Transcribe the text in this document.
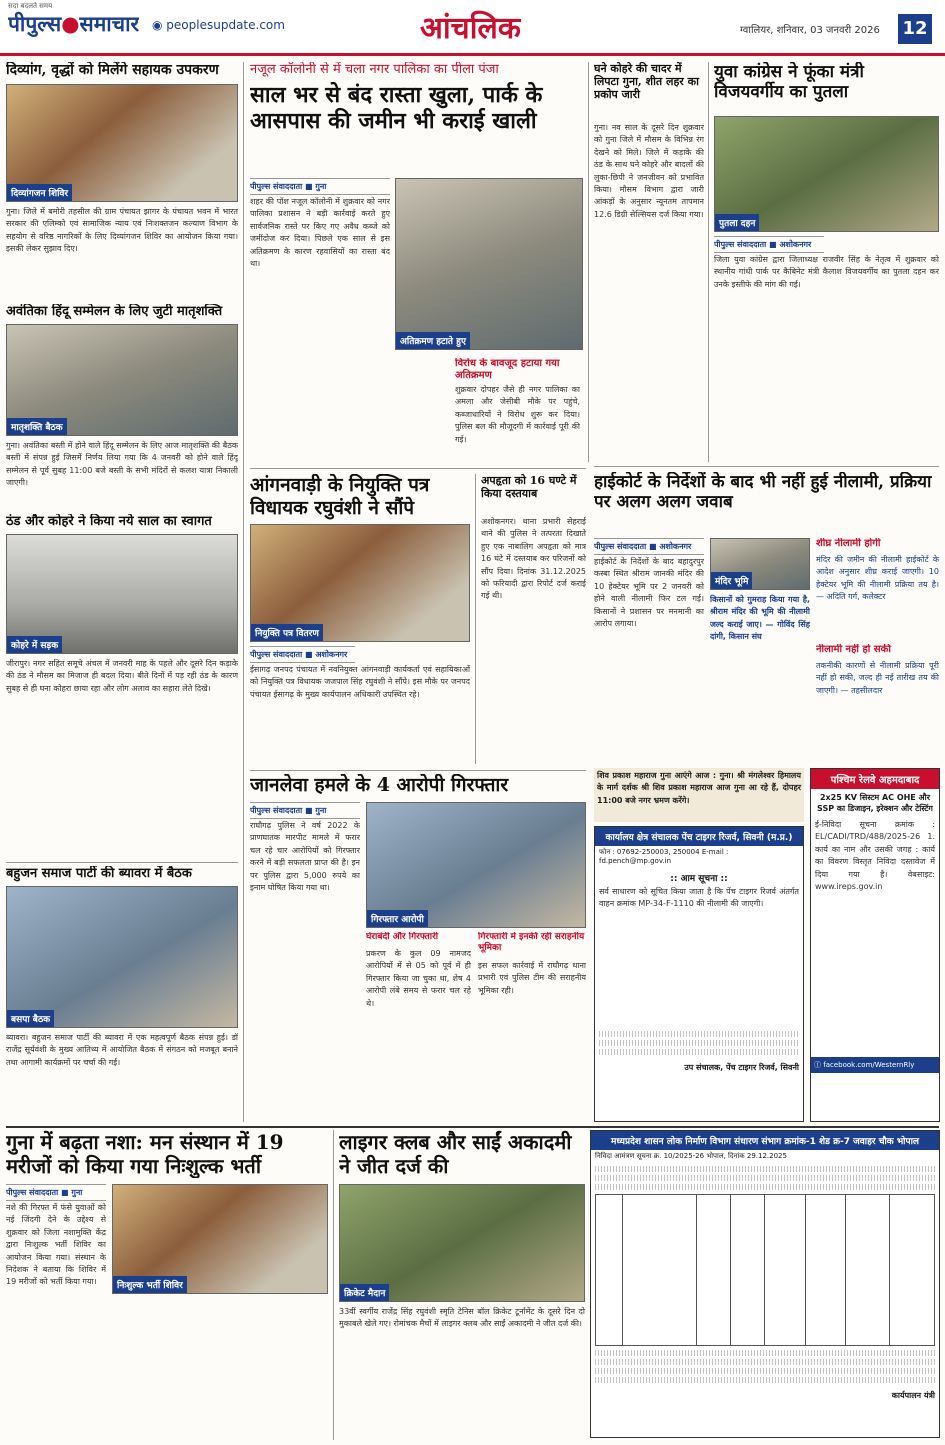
सदा बदलते समय
पीपुल्स●समाचार ◉ peoplesupdate.com	आंचलिक	ग्वालियर, शनिवार, 03 जनवरी 2026 12
दिव्यांग, वृद्धों को मिलेंगे सहायक उपकरण
दिव्यांगजन शिविर
गुना। जिले में बमोरी तहसील की ग्राम पंचायत झागर के पंचायत भवन में भारत सरकार की एलिम्को एवं सामाजिक न्याय एवं निःशक्तजन कल्याण विभाग के सहयोग से वरिष्ठ नागरिकों के लिए दिव्यांगजन शिविर का आयोजन किया गया। इसकी लेकर सुझाव दिए।
अवंतिका हिंदू सम्मेलन के लिए जुटी मातृशक्ति
मातृशक्ति बैठक
गुना। अवंतिका बस्ती में होने वाले हिंदू सम्मेलन के लिए आज मातृशक्ति की बैठक बस्ती में संपन्न हुई जिसमें निर्णय लिया गया कि 4 जनवरी को होने वाले हिंदू सम्मेलन से पूर्व सुबह 11:00 बजे बस्ती के सभी मंदिरों से कलश यात्रा निकाली जाएगी।
ठंड और कोहरे ने किया नये साल का स्वागत
कोहरे में सड़क
जीरापुर। नगर सहित समूचे अंचल में जनवरी माह के पहले और दूसरे दिन कड़ाके की ठंड ने मौसम का मिजाज ही बदल दिया। बीते दिनों में पड़ रही ठंड के कारण सुबह से ही घना कोहरा छाया रहा और लोग अलाव का सहारा लेते दिखे।
बहुजन समाज पार्टी की ब्यावरा में बैठक
बसपा बैठक
ब्यावरा। बहुजन समाज पार्टी की ब्यावरा में एक महत्वपूर्ण बैठक संपन्न हुई। डॉ राजेंद्र सूर्यवंशी के मुख्य आतिथ्य में आयोजित बैठक में संगठन को मजबूत बनाने तथा आगामी कार्यक्रमों पर चर्चा की गई।
नजूल कॉलोनी से में चला नगर पालिका का पीला पंजा
साल भर से बंद रास्ता खुला, पार्क के आसपास की जमीन भी कराई खाली
पीपुल्स संवाददाता ■ गुना
शहर की पॉश नजूल कॉलोनी में शुक्रवार को नगर पालिका प्रशासन ने बड़ी कार्रवाई करते हुए सार्वजनिक रास्ते पर किए गए अवैध कब्जे को जमींदोज कर दिया। पिछले एक साल से इस अतिक्रमण के कारण रहवासियों का रास्ता बंद था।
अतिक्रमण हटाते हुए
विरोध के बावजूद हटाया गया अतिक्रमण
शुक्रवार दोपहर जैसे ही नगर पालिका का अमला और जेसीबी मौके पर पहुंचे, कब्जाधारियों ने विरोध शुरू कर दिया। पुलिस बल की मौजूदगी में कार्रवाई पूरी की गई।
आंगनवाड़ी के नियुक्ति पत्र विधायक रघुवंशी ने सौंपे
नियुक्ति पत्र वितरण
पीपुल्स संवाददाता ■ अशोकनगर
ईसागढ़ जनपद पंचायत में नवनियुक्त आंगनवाड़ी कार्यकर्ता एवं सहायिकाओं को नियुक्ति पत्र विधायक जजपाल सिंह रघुवंशी ने सौंपे। इस मौके पर जनपद पंचायत ईसागढ़ के मुख्य कार्यपालन अधिकारी उपस्थित रहे।
अपहृता को 16 घण्टे में किया दस्तयाब
अशोकनगर। थाना प्रभारी सेहराई थाने की पुलिस ने तत्परता दिखाते हुए एक नाबालिग अपहृता को मात्र 16 घंटे में दस्तयाब कर परिजनों को सौंप दिया। दिनांक 31.12.2025 को फरियादी द्वारा रिपोर्ट दर्ज कराई गई थी।
घने कोहरे की चादर में लिपटा गुना, शीत लहर का प्रकोप जारी
गुना। नव साल के दूसरे दिन शुक्रवार को गुना जिले में मौसम के विभिन्न रंग देखने को मिले। जिले में कड़ाके की ठंड के साथ घने कोहरे और बादलों की लुका-छिपी ने जनजीवन को प्रभावित किया। मौसम विभाग द्वारा जारी आंकड़ों के अनुसार न्यूनतम तापमान 12.6 डिग्री सेल्सियस दर्ज किया गया।
युवा कांग्रेस ने फूंका मंत्री विजयवर्गीय का पुतला
पुतला दहन
पीपुल्स संवाददाता ■ अशोकनगर
जिला युवा कांग्रेस द्वारा जिलाध्यक्ष राजवीर सिंह के नेतृत्व में शुक्रवार को स्थानीय गांधी पार्क पर कैबिनेट मंत्री कैलाश विजयवर्गीय का पुतला दहन कर उनके इस्तीफे की मांग की गई।
हाईकोर्ट के निर्देशों के बाद भी नहीं हुई नीलामी, प्रक्रिया पर अलग अलग जवाब
पीपुल्स संवाददाता ■ अशोकनगर
हाईकोर्ट के निर्देशों के बाद बहादुरपुर कस्बा स्थित श्रीराम जानकी मंदिर की 10 हेक्टेयर भूमि पर 2 जनवरी को होने वाली नीलामी फिर टल गई। किसानों ने प्रशासन पर मनमानी का आरोप लगाया।
मंदिर भूमि
किसानों को गुमराह किया गया है, श्रीराम मंदिर की भूमि की नीलामी जल्द कराई जाए। — गोविंद सिंह दांगी, किसान संघ
शीघ्र नीलामी होगी
मंदिर की जमीन की नीलामी हाईकोर्ट के आदेश अनुसार शीघ्र कराई जाएगी। 10 हेक्टेयर भूमि की नीलामी प्रक्रिया तय है। — अदिति गर्ग, कलेक्टर
नीलामी नहीं हो सकी
तकनीकी कारणों से नीलामी प्रक्रिया पूरी नहीं हो सकी, जल्द ही नई तारीख तय की जाएगी। — तहसीलदार
जानलेवा हमले के 4 आरोपी गिरफ्तार
पीपुल्स संवाददाता ■ गुना
राघौगढ़ पुलिस ने वर्ष 2022 के प्राणघातक मारपीट मामले में फरार चल रहे चार आरोपियों को गिरफ्तार करने में बड़ी सफलता प्राप्त की है। इन पर पुलिस द्वारा 5,000 रुपये का इनाम घोषित किया गया था।
गिरफ्तार आरोपी
घेराबंदी और गिरफ्तारी
प्रकरण के कुल 09 नामजद आरोपियों में से 05 को पूर्व में ही गिरफ्तार किया जा चुका था, शेष 4 आरोपी लंबे समय से फरार चल रहे थे।
गिरफ्तारी में इनकी रही सराहनीय भूमिका
इस सफल कार्रवाई में राघौगढ़ थाना प्रभारी एवं पुलिस टीम की सराहनीय भूमिका रही।
शिव प्रकाश महाराज गुना आएंगे आज : गुना। श्री मंगलेश्वर हिमालय के मार्ग दर्शक श्री शिव प्रकाश महाराज आज गुना आ रहे हैं, दोपहर 11:00 बजे नगर भ्रमण करेंगे।
कार्यालय क्षेत्र संचालक पेंच टाइगर रिजर्व, सिवनी (म.प्र.)
फोन : 07692-250003, 250004 E-mail : fd.pench@mp.gov.in
:: आम सूचना ::
सर्व साधारण को सूचित किया जाता है कि पेंच टाइगर रिजर्व अंतर्गत वाहन क्रमांक MP-34-F-1110 की नीलामी की जाएगी।
उप संचालक, पेंच टाइगर रिजर्व, सिवनी
पश्चिम रेलवे अहमदाबाद
2x25 KV सिस्टम AC OHE और SSP का डिजाइन, इरेक्शन और टेस्टिंग
ई-निविदा सूचना क्रमांक : EL/CADI/TRD/488/2025-26 1. कार्य का नाम और उसकी जगह : कार्य का विवरण विस्तृत निविदा दस्तावेज में दिया गया है। वेबसाइट: www.ireps.gov.in
ⓕ facebook.com/WesternRly
गुना में बढ़ता नशा: मन संस्थान में 19 मरीजों को किया गया निःशुल्क भर्ती
पीपुल्स संवाददाता ■ गुना
नशे की गिरफ्त में फंसे युवाओं को नई जिंदगी देने के उद्देश्य से शुक्रवार को जिला नशामुक्ति केंद्र द्वारा निःशुल्क भर्ती शिविर का आयोजन किया गया। संस्थान के निदेशक ने बताया कि शिविर में 19 मरीजों को भर्ती किया गया।	निःशुल्क भर्ती शिविर
लाइगर क्लब और साईं अकादमी ने जीत दर्ज की
क्रिकेट मैदान
33वीं स्वर्गीय राजेंद्र सिंह रघुवंशी स्मृति टेनिस बॉल क्रिकेट टूर्नामेंट के दूसरे दिन दो मुकाबले खेले गए। रोमांचक मैचों में लाइगर क्लब और साईं अकादमी ने जीत दर्ज की।
मध्यप्रदेश शासन लोक निर्माण विभाग संधारण संभाग क्रमांक-1 शेड क्र-7 जवाहर चौक भोपाल
निविदा आमंत्रण सूचना क्र. 10/2025-26 भोपाल, दिनांक 29.12.2025
कार्यपालन यंत्री
